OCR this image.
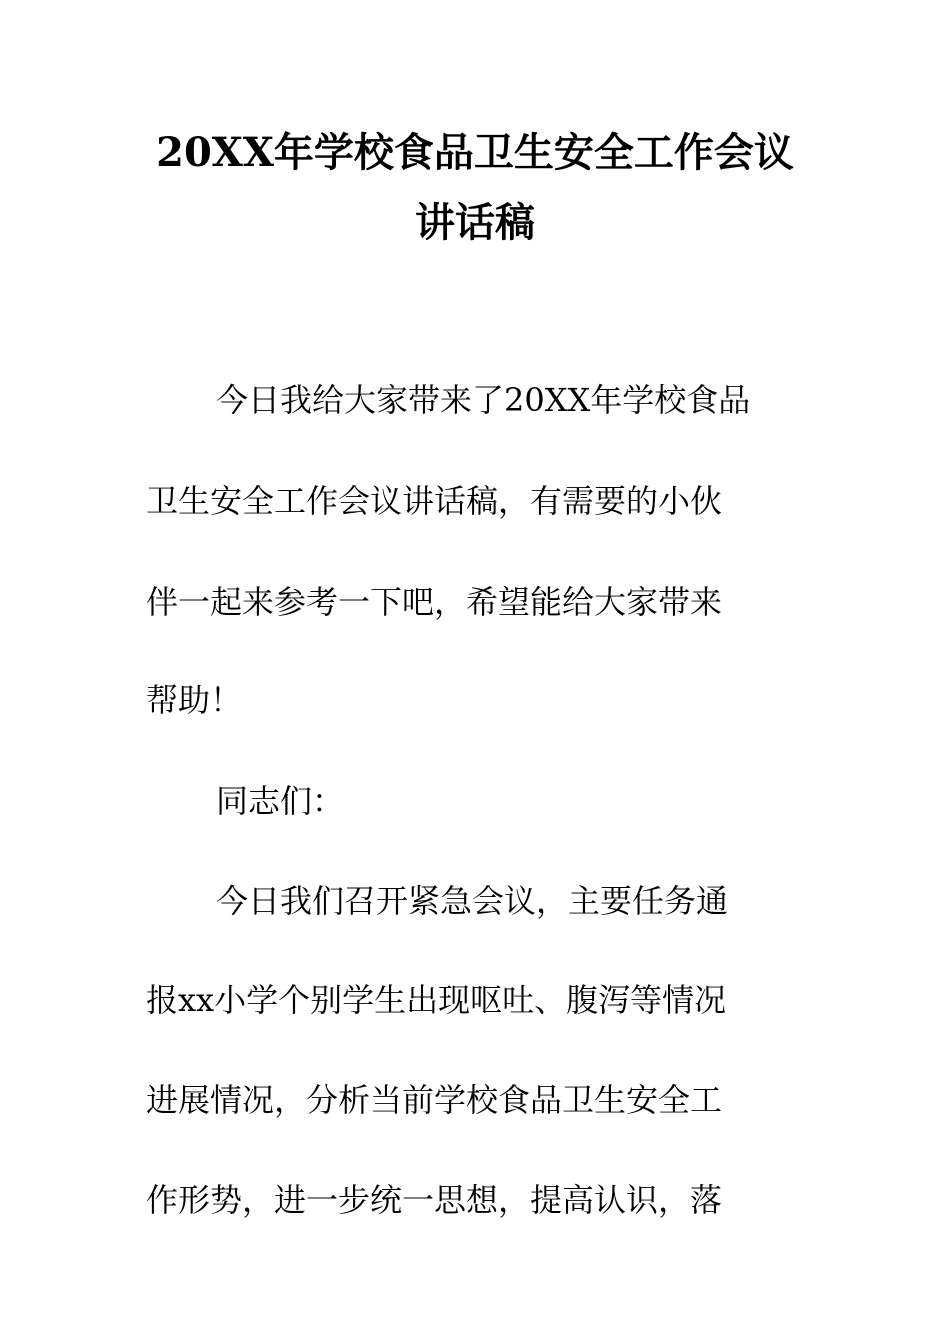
20XX年学校食品卫生安全工作会议
讲话稿
今日我给大家带来了20XX年学校食品
卫生安全工作会议讲话稿，有需要的小伙
伴一起来参考一下吧，希望能给大家带来
帮助！
同志们：
今日我们召开紧急会议，主要任务通
报xx小学个别学生出现呕吐、腹泻等情况
进展情况，分析当前学校食品卫生安全工
作形势，进一步统一思想，提高认识，落
